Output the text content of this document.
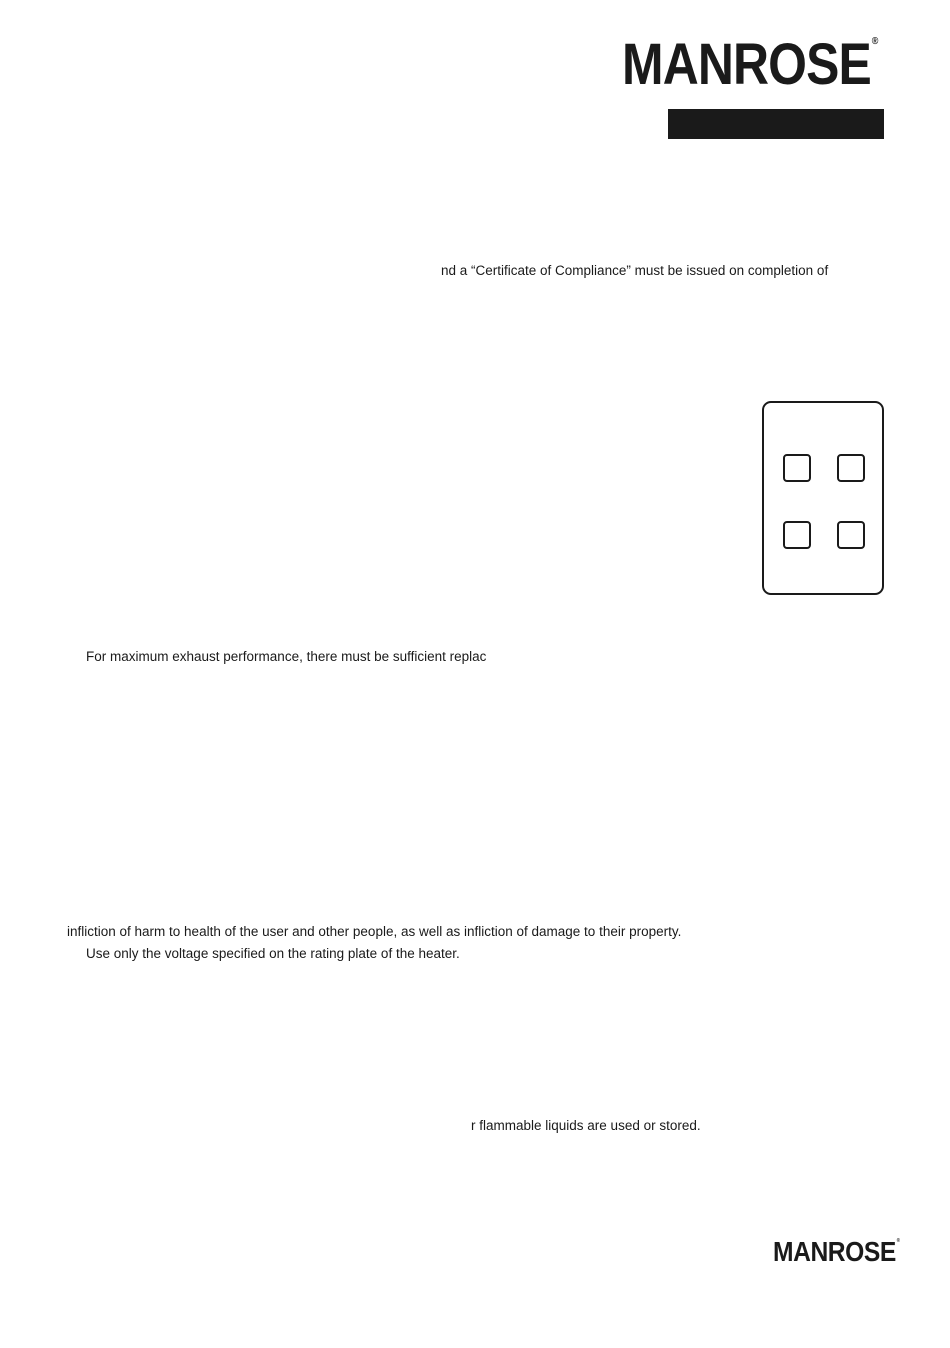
MANROSE®
nd a “Certificate of Compliance” must be issued on completion of
For maximum exhaust performance, there must be sufficient replac
infliction of harm to health of the user and other people, as well as infliction of damage to their property.
Use only the voltage specified on the rating plate of the heater.
r flammable liquids are used or stored.
MANROSE®
